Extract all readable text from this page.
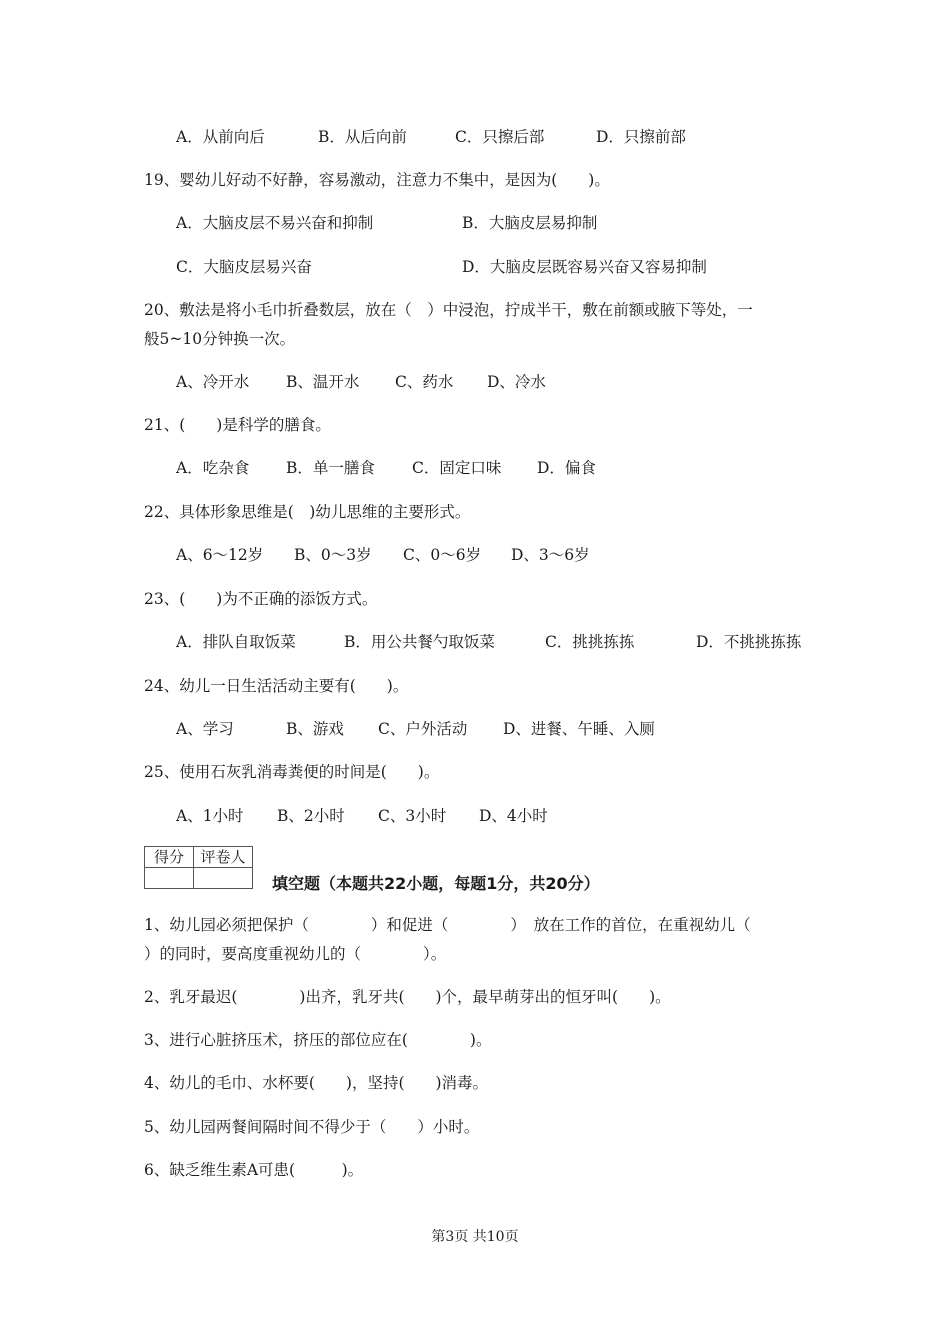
A．从前向后	B．从后向前	C．只擦后部	D．只擦前部
19、婴幼儿好动不好静，容易激动，注意力不集中，是因为(　　)。
A．大脑皮层不易兴奋和抑制	B．大脑皮层易抑制
C．大脑皮层易兴奋	D．大脑皮层既容易兴奋又容易抑制
20、敷法是将小毛巾折叠数层，放在（　）中浸泡，拧成半干，敷在前额或腋下等处，一
般5~10分钟换一次。
A、冷开水 B、温开水 C、药水 D、冷水
21、(　　)是科学的膳食。
A．吃杂食 B．单一膳食 C．固定口味 D．偏食
22、具体形象思维是(　)幼儿思维的主要形式。
A、6～12岁 B、0～3岁 C、0～6岁 D、3～6岁
23、(　　)为不正确的添饭方式。
A．排队自取饭菜	B．用公共餐勺取饭菜	C．挑挑拣拣	D．不挑挑拣拣
24、幼儿一日生活活动主要有(　　)。
A、学习	B、游戏 C、户外活动 D、进餐、午睡、入厕
25、使用石灰乳消毒粪便的时间是(　　)。
A、1小时 B、2小时 C、3小时 D、4小时
得分	评卷人

填空题（本题共22小题，每题1分，共20分）
1、幼儿园必须把保护（　　　　）和促进（　　　　）　放在工作的首位，在重视幼儿（
）的同时，要高度重视幼儿的（　　　　）。
2、乳牙最迟(　　　　)出齐，乳牙共(　　)个，最早萌芽出的恒牙叫(　　)。
3、进行心脏挤压术，挤压的部位应在(　　　　)。
4、幼儿的毛巾、水杯要(　　)，坚持(　　)消毒。
5、幼儿园两餐间隔时间不得少于（　　）小时。
6、缺乏维生素A可患(　　　)。
第3页 共10页
